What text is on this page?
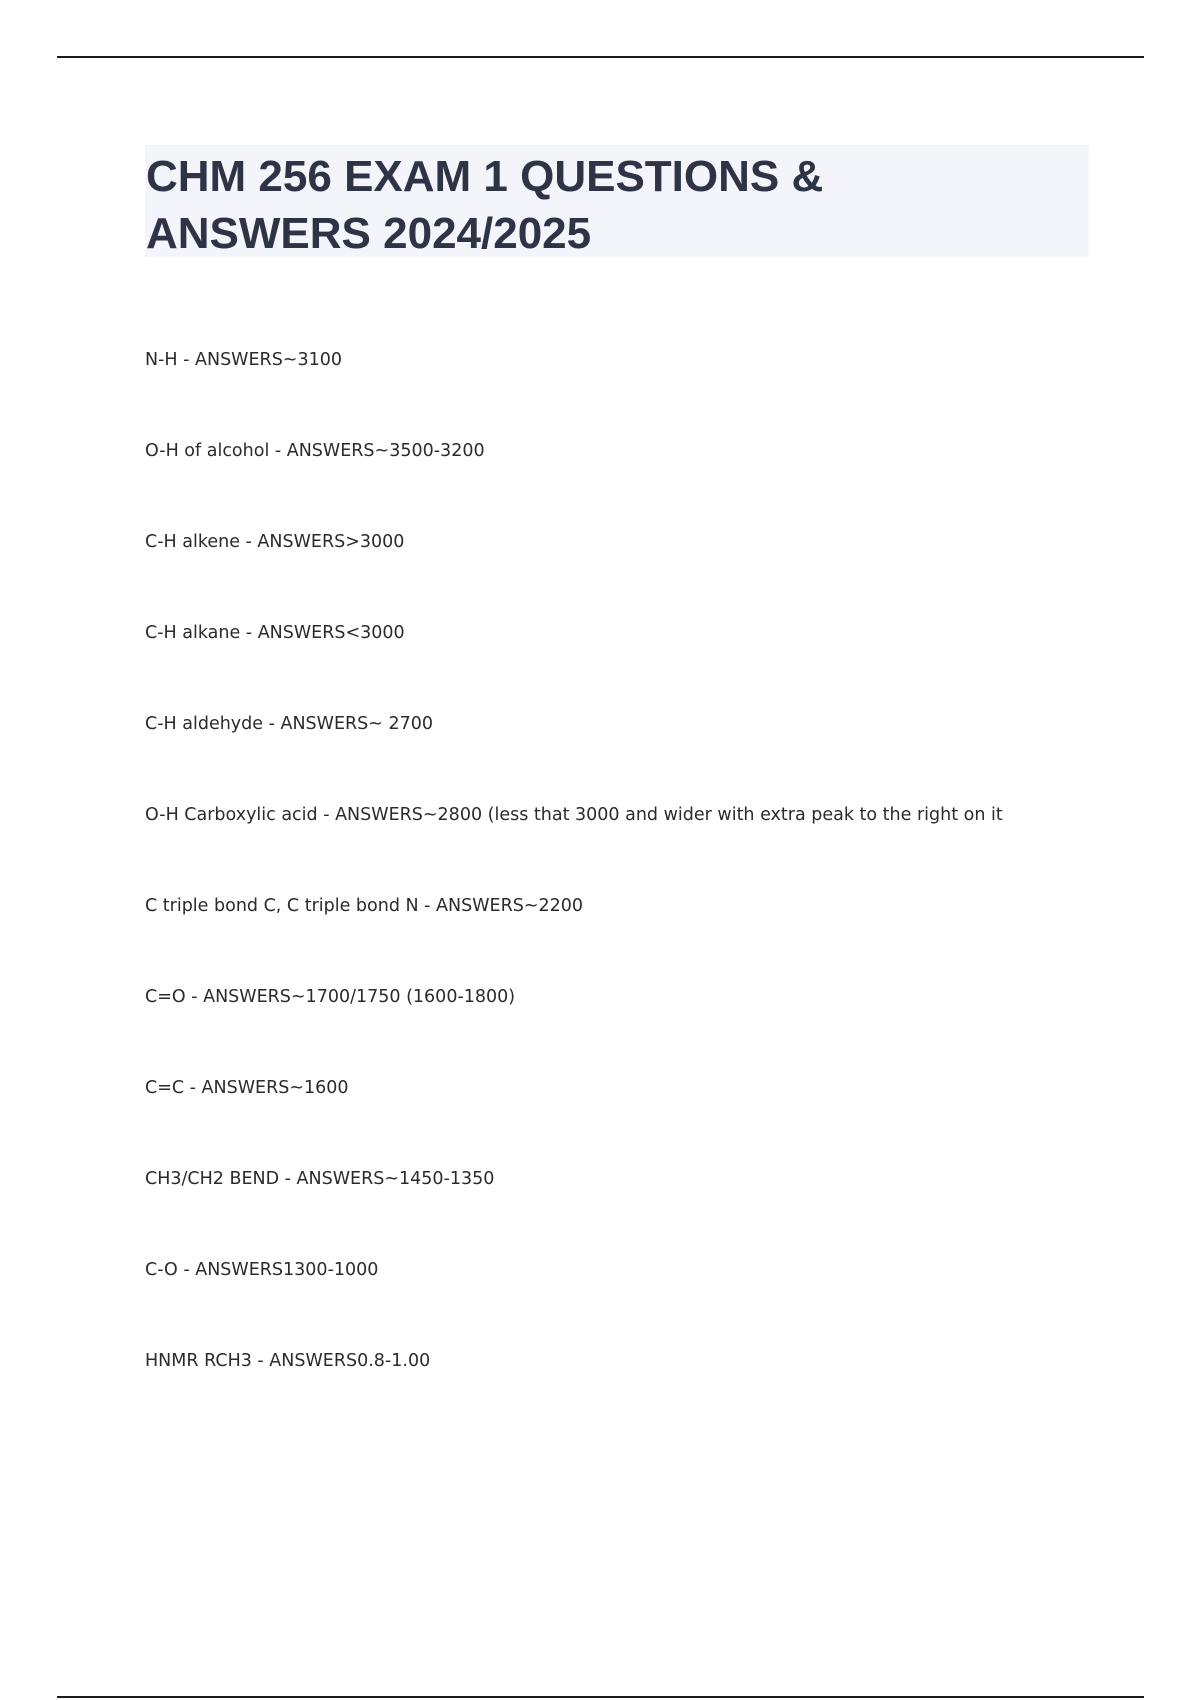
CHM 256 EXAM 1 QUESTIONS &
ANSWERS 2024/2025
N-H - ANSWERS~3100
O-H of alcohol - ANSWERS~3500-3200
C-H alkene - ANSWERS>3000
C-H alkane - ANSWERS<3000
C-H aldehyde - ANSWERS~ 2700
O-H Carboxylic acid - ANSWERS~2800 (less that 3000 and wider with extra peak to the right on it
C triple bond C, C triple bond N - ANSWERS~2200
C=O - ANSWERS~1700/1750 (1600-1800)
C=C - ANSWERS~1600
CH3/CH2 BEND - ANSWERS~1450-1350
C-O - ANSWERS1300-1000
HNMR RCH3 - ANSWERS0.8-1.00
